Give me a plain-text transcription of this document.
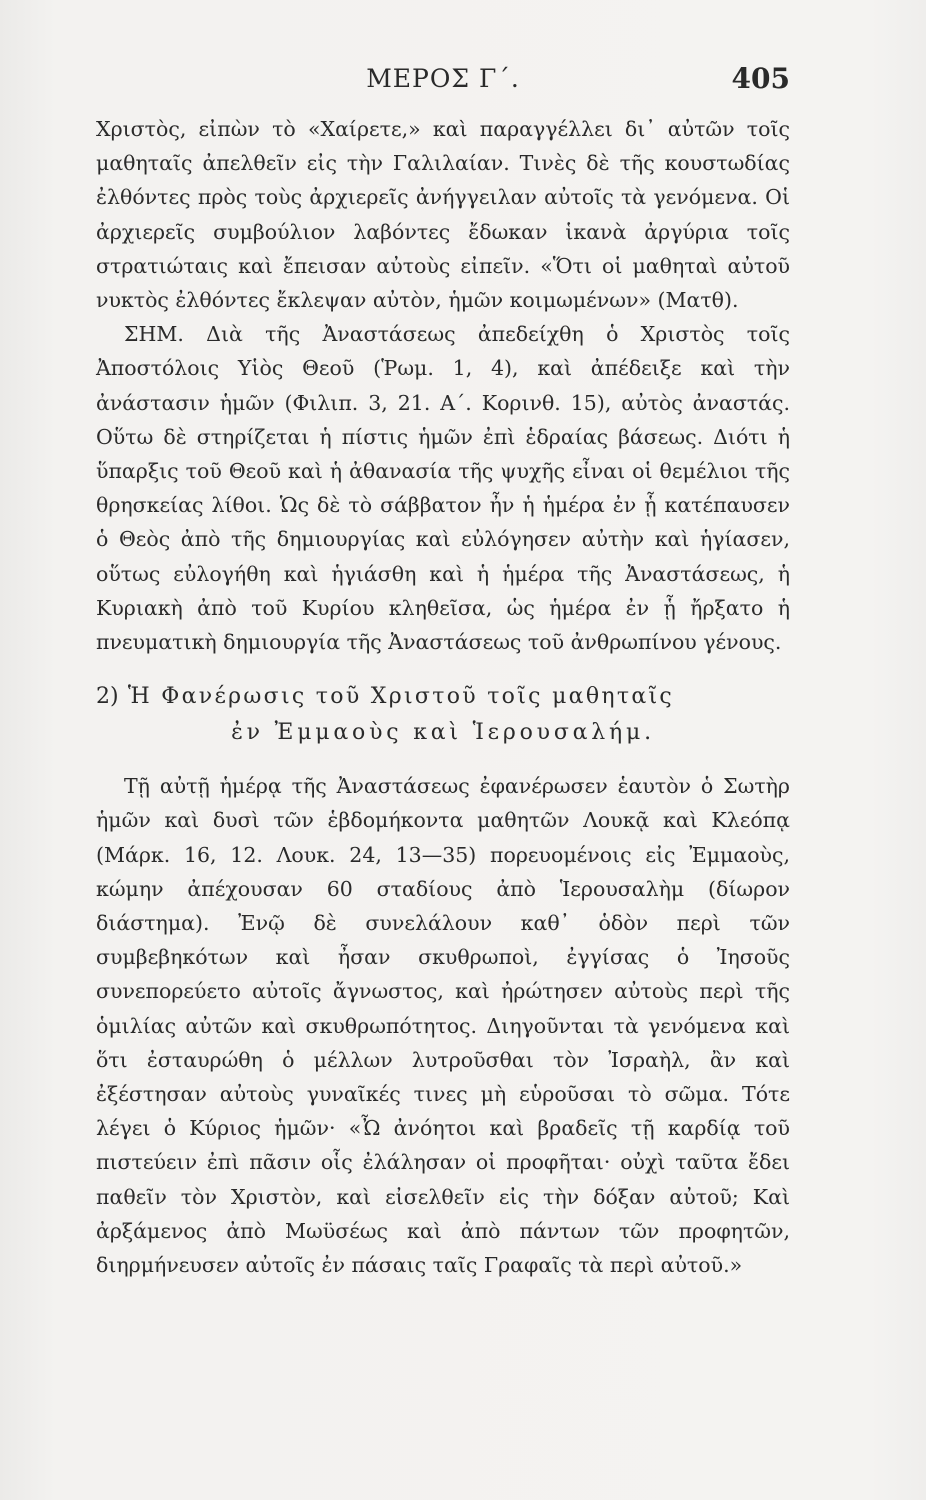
ΜΕΡΟΣ Γ΄.	405

Χριστὸς, εἰπὼν τὸ «Χαίρετε,» καὶ παραγγέλλει δι᾽ αὐτῶν τοῖς μαθηταῖς ἀπελθεῖν εἰς τὴν Γαλιλαίαν. Τινὲς δὲ τῆς κουστωδίας ἐλθόντες πρὸς τοὺς ἀρχιερεῖς ἀνήγγειλαν αὐτοῖς τὰ γενόμενα. Οἱ ἀρχιερεῖς συμβούλιον λαβόντες ἔδωκαν ἱκανὰ ἀργύρια τοῖς στρατιώταις καὶ ἔπεισαν αὐτοὺς εἰπεῖν. «Ὅτι οἱ μαθηταὶ αὐτοῦ νυκτὸς ἐλθόντες ἔκλεψαν αὐτὸν, ἡμῶν κοιμωμένων» (Ματθ).

ΣΗΜ. Διὰ τῆς Ἀναστάσεως ἀπεδείχθη ὁ Χριστὸς τοῖς Ἀποστόλοις Υἱὸς Θεοῦ (Ῥωμ. 1, 4), καὶ ἀπέδειξε καὶ τὴν ἀνάστασιν ἡμῶν (Φιλιπ. 3, 21. Α΄. Κορινθ. 15), αὐτὸς ἀναστάς. Οὕτω δὲ στηρίζεται ἡ πίστις ἡμῶν ἐπὶ ἑδραίας βάσεως. Διότι ἡ ὕπαρξις τοῦ Θεοῦ καὶ ἡ ἀθανασία τῆς ψυχῆς εἶναι οἱ θεμέλιοι τῆς θρησκείας λίθοι. Ὡς δὲ τὸ σάββατον ἦν ἡ ἡμέρα ἐν ᾗ κατέπαυσεν ὁ Θεὸς ἀπὸ τῆς δημιουργίας καὶ εὐλόγησεν αὐτὴν καὶ ἡγίασεν, οὕτως εὐλογήθη καὶ ἡγιάσθη καὶ ἡ ἡμέρα τῆς Ἀναστάσεως, ἡ Κυριακὴ ἀπὸ τοῦ Κυρίου κληθεῖσα, ὡς ἡμέρα ἐν ᾗ ἤρξατο ἡ πνευματικὴ δημιουργία τῆς Ἀναστάσεως τοῦ ἀνθρωπίνου γένους.

2) Ἡ Φανέρωσις τοῦ Χριστοῦ τοῖς μαθηταῖς
ἐν Ἐμμαοὺς καὶ Ἱερουσαλήμ.

Τῇ αὐτῇ ἡμέρᾳ τῆς Ἀναστάσεως ἐφανέρωσεν ἑαυτὸν ὁ Σωτὴρ ἡμῶν καὶ δυσὶ τῶν ἑβδομήκοντα μαθητῶν Λουκᾷ καὶ Κλεόπᾳ (Μάρκ. 16, 12. Λουκ. 24, 13—35) πορευομένοις εἰς Ἐμμαοὺς, κώμην ἀπέχουσαν 60 σταδίους ἀπὸ Ἱερουσαλὴμ (δίωρον διάστημα). Ἐνῷ δὲ συνελάλουν καθ᾽ ὁδὸν περὶ τῶν συμβεβηκότων καὶ ἦσαν σκυθρωποὶ, ἐγγίσας ὁ Ἰησοῦς συνεπορεύετο αὐτοῖς ἄγνωστος, καὶ ἠρώτησεν αὐτοὺς περὶ τῆς ὁμιλίας αὐτῶν καὶ σκυθρωπότητος. Διηγοῦνται τὰ γενόμενα καὶ ὅτι ἐσταυρώθη ὁ μέλλων λυτροῦσθαι τὸν Ἰσραὴλ, ἂν καὶ ἐξέστησαν αὐτοὺς γυναῖκές τινες μὴ εὑροῦσαι τὸ σῶμα. Τότε λέγει ὁ Κύριος ἡμῶν· «Ὦ ἀνόητοι καὶ βραδεῖς τῇ καρδίᾳ τοῦ πιστεύειν ἐπὶ πᾶσιν οἷς ἐλάλησαν οἱ προφῆται· οὐχὶ ταῦτα ἔδει παθεῖν τὸν Χριστὸν, καὶ εἰσελθεῖν εἰς τὴν δόξαν αὐτοῦ; Καὶ ἀρξάμενος ἀπὸ Μωϋσέως καὶ ἀπὸ πάντων τῶν προφητῶν, διηρμήνευσεν αὐτοῖς ἐν πάσαις ταῖς Γραφαῖς τὰ περὶ αὐτοῦ.»
